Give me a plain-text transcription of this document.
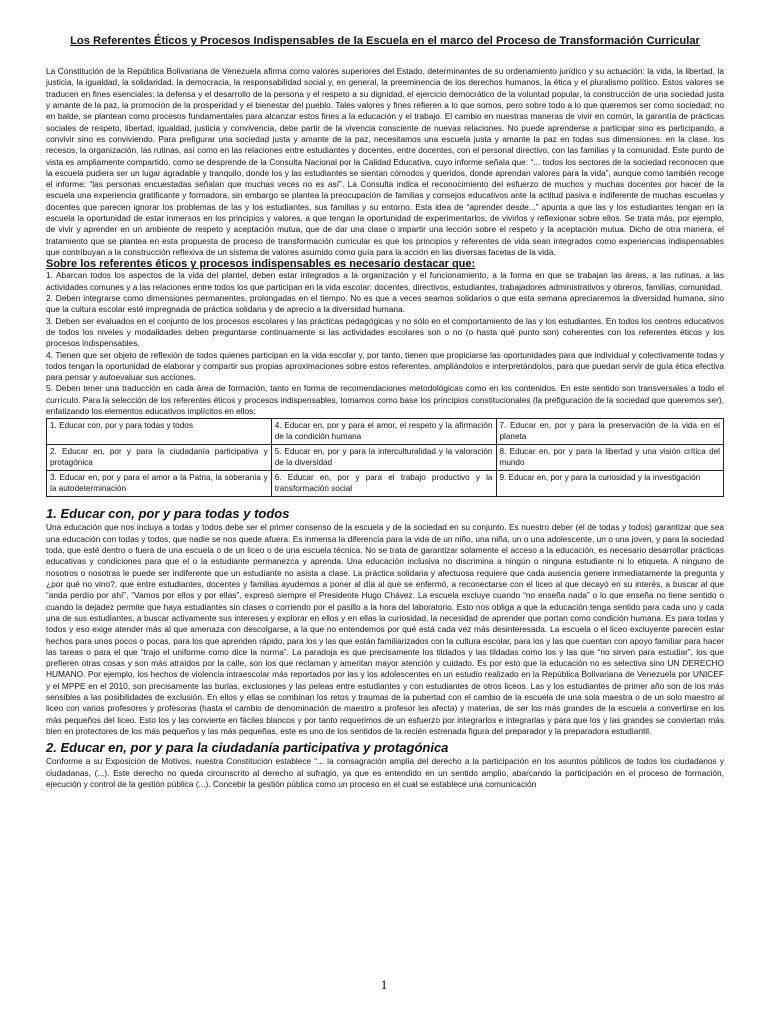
Los Referentes Éticos y Procesos Indispensables de la Escuela en el marco del Proceso de Transformación Curricular

La Constitución de la República Bolivariana de Venezuela afirma como valores superiores del Estado, determinantes de su ordenamiento jurídico y su actuación: la vida, la libertad, la justicia, la igualdad, la solidaridad, la democracia, la responsabilidad social y, en general, la preeminencia de los derechos humanos, la ética y el pluralismo político. Estos valores se traducen en fines esenciales: la defensa y el desarrollo de la persona y el respeto a su dignidad, el ejercicio democrático de la voluntad popular, la construcción de una sociedad justa y amante de la paz, la promoción de la prosperidad y el bienestar del pueblo. Tales valores y fines refieren a lo que somos, pero sobre todo a lo que queremos ser como sociedad; no en balde, se plantean como procesos fundamentales para alcanzar estos fines a la educación y el trabajo. El cambio en nuestras maneras de vivir en común, la garantía de prácticas sociales de respeto, libertad, igualdad, justicia y convivencia, debe partir de la vivencia consciente de nuevas relaciones. No puede aprenderse a participar sino es participando, a convivir sino es conviviendo. Para prefigurar una sociedad justa y amante de la paz, necesitamos una escuela justa y amante la paz en todas sus dimensiones: en la clase, los recesos, la organización, las rutinas, así como en las relaciones entre estudiantes y docentes, entre docentes, con el personal directivo, con las familias y la comunidad. Este punto de vista es ampliamente compartido, como se desprende de la Consulta Nacional por la Calidad Educativa, cuyo informe señala que: “... todos los sectores de la sociedad reconocen que la escuela pudiera ser un lugar agradable y tranquilo, donde los y las estudiantes se sientan cómodos y queridos, donde aprendan valores para la vida”, aunque como también recoge el informe: “las personas encuestadas señalan que muchas veces no es así”. La Consulta indica el reconocimiento del esfuerzo de muchos y muchas docentes por hacer de la escuela una experiencia gratificante y formadora, sin embargo se plantea la preocupación de familias y consejos educativos ante la actitud pasiva e indiferente de muchas escuelas y docentes que parecen ignorar los problemas de las y los estudiantes, sus familias y su entorno. Esta idea de “aprender desde...” apunta a que las y los estudiantes tengan en la escuela la oportunidad de estar inmersos en los principios y valores, a que tengan la oportunidad de experimentarlos, de vivirlos y reflexionar sobre ellos. Se trata más, por ejemplo, de vivir y aprender en un ambiente de respeto y aceptación mutua, que de dar una clase o impartir una lección sobre el respeto y la aceptación mutua. Dicho de otra manera, el tratamiento que se plantea en esta propuesta de proceso de transformación curricular es que los principios y referentes de vida sean integrados como experiencias indispensables que contribuyan a la construcción reflexiva de un sistema de valores asumido como guía para la acción en las diversas facetas de la vida.

Sobre los referentes éticos y procesos indispensables es necesario destacar que:

1. Abarcan todos los aspectos de la vida del plantel, deben estar integrados a la organización y el funcionamiento, a la forma en que se trabajan las áreas, a las rutinas, a las actividades comunes y a las relaciones entre todos los que participan en la vida escolar: docentes, directivos, estudiantes, trabajadores administrativos y obreros, familias, comunidad.

2. Deben integrarse como dimensiones permanentes, prolongadas en el tiempo. No es que a veces seamos solidarios o que esta semana apreciaremos la diversidad humana, sino que la cultura escolar esté impregnada de práctica solidaria y de aprecio a la diversidad humana.

3. Deben ser evaluados en el conjunto de los procesos escolares y las prácticas pedagógicas y no sólo en el comportamiento de las y los estudiantes. En todos los centros educativos de todos los niveles y modalidades deben preguntarse continuamente si las actividades escolares son o no (o hasta qué punto son) coherentes con los referentes éticos y los procesos indispensables.

4. Tienen que ser objeto de reflexión de todos quienes participan en la vida escolar y, por tanto, tienen que propiciarse las oportunidades para que individual y colectivamente todas y todos tengan la oportunidad de elaborar y compartir sus propias aproximaciones sobre estos referentes, ampliándolos e interpretándolos, para que puedan servir de guía ética efectiva para pensar y autoevaluar sus acciones.

5. Deben tener una traducción en cada área de formación, tanto en forma de recomendaciones metodológicas como en los contenidos. En este sentido son transversales a todo el currículo. Para la selección de los referentes éticos y procesos indispensables, tomamos como base los principios constitucionales (la prefiguración de la sociedad que queremos ser), enfatizando los elementos educativos implícitos en ellos:

1. Educar con, por y para todas y todos	4. Educar en, por y para el amor, el respeto y la afirmación de la condición humana	7. Educar en, por y para la preservación de la vida en el planeta
2. Educar en, por y para la ciudadanía participativa y protagónica	5. Educar en, por y para la interculturalidad y la valoración de la diversidad	8. Educar en, por y para la libertad y una visión crítica del mundo
3. Educar en, por y para el amor a la Patria, la soberanía y la autodeterminación	6. Educar en, por y para el trabajo productivo y la transformación social	9. Educar en, por y para la curiosidad y la investigación
1. Educar con, por y para todas y todos

Una educación que nos incluya a todas y todos debe ser el primer consenso de la escuela y de la sociedad en su conjunto. Es nuestro deber (el de todas y todos) garantizar que sea una educación con todas y todos, que nadie se nos quede afuera. Es inmensa la diferencia para la vida de un niño, una niña, un o una adolescente, un o una joven, y para la sociedad toda, que esté dentro o fuera de una escuela o de un liceo o de una escuela técnica. No se trata de garantizar solamente el acceso a la educación, es necesario desarrollar prácticas educativas y condiciones para que el o la estudiante permanezca y aprenda. Una educación inclusiva no discrimina a ningún o ninguna estudiante ni lo etiqueta. A ninguno de nosotros o nosotras le puede ser indiferente que un estudiante no asista a clase. La práctica solidaria y afectuosa requiere que cada ausencia genere inmediatamente la pregunta y ¿por qué no vino?, que entre estudiantes, docentes y familias ayudemos a poner al día al que se enfermó, a reconectarse con el liceo al que decayó en su interés, a buscar al que “anda perdío por ahí”, “Vamos por ellos y por ellas”, expresó siempre el Presidente Hugo Chávez. La escuela excluye cuando “no enseña nada” o lo que enseña no tiene sentido o cuando la dejadez permite que haya estudiantes sin clases o corriendo por el pasillo a la hora del laboratorio. Esto nos obliga a que la educación tenga sentido para cada uno y cada una de sus estudiantes, a buscar activamente sus intereses y explorar en ellos y en ellas la curiosidad, la necesidad de aprender que portan como condición humana. Es para todas y todos y eso exige atender más al que amenaza con descolgarse, a la que no entendemos por qué está cada vez más desinteresada. La escuela o el liceo excluyente parecen estar hechos para unos pocos o pocas, para los que aprenden rápido, para los y las que están familiarizados con la cultura escolar, para los y las que cuentan con apoyo familiar para hacer las tareas o para el que “trajo el uniforme como dice la norma”. La paradoja es que precisamente los tildados y las tildadas como los y las que “no sirven para estudiar”, los que prefieren otras cosas y son más atraídos por la calle, son los que reclaman y ameritan mayor atención y cuidado. Es por esto que la educación no es selectiva sino UN DERECHO HUMANO. Por ejemplo, los hechos de violencia intraescolar más reportados por las y los adolescentes en un estudio realizado en la República Bolivariana de Venezuela por UNICEF y el MPPE en el 2010, son precisamente las burlas, exclusiones y las peleas entre estudiantes y con estudiantes de otros liceos. Las y los estudiantes de primer año son de los más sensibles a las posibilidades de exclusión. En ellos y ellas se combinan los retos y traumas de la pubertad con el cambio de la escuela de una sola maestra o de un solo maestro al liceo con varios profesores y profesoras (hasta el cambio de denominación de maestro a profesor les afecta) y materias, de ser los más grandes de la escuela a convertirse en los más pequeños del liceo. Esto los y las convierte en fáciles blancos y por tanto requerimos de un esfuerzo por integrarlos e integrarlas y para que los y las grandes se conviertan más bien en protectores de los más pequeños y las más pequeñas, este es uno de los sentidos de la recién estrenada figura del preparador y la preparadora estudiantil.

2. Educar en, por y para la ciudadanía participativa y protagónica

Conforme a su Exposición de Motivos, nuestra Constitución establece “... la consagración amplia del derecho a la participación en los asuntos públicos de todos los ciudadanos y ciudadanas, (...). Este derecho no queda circunscrito al derecho al sufragio, ya que es entendido en un sentido amplio, abarcando la participación en el proceso de formación, ejecución y control de la gestión pública (...). Concebir la gestión pública como un proceso en el cual se establece una comunicación

1
